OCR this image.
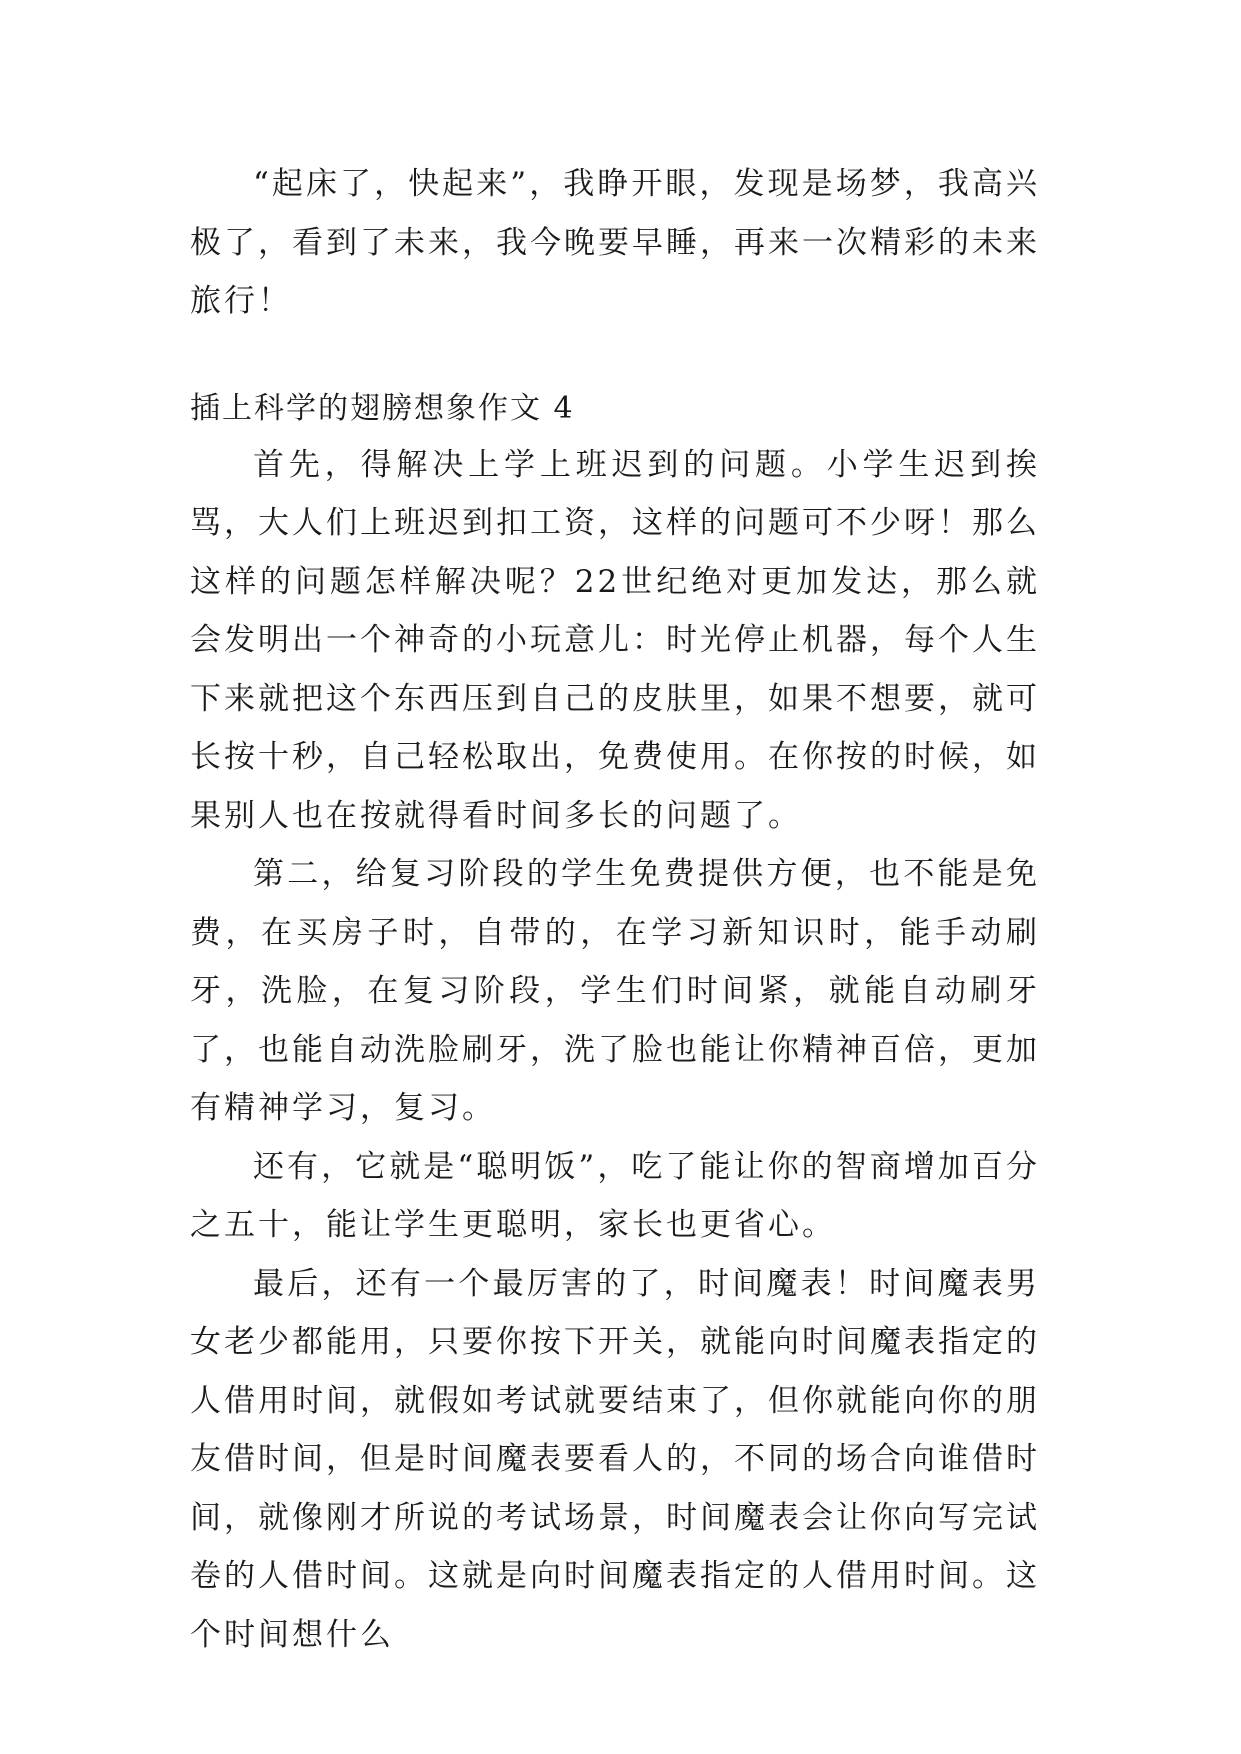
“起床了，快起来”，我睁开眼，发现是场梦，我高兴极了，看到了未来，我今晚要早睡，再来一次精彩的未来旅行！

插上科学的翅膀想象作文 4

首先，得解决上学上班迟到的问题。小学生迟到挨骂，大人们上班迟到扣工资，这样的问题可不少呀！那么这样的问题怎样解决呢？22世纪绝对更加发达，那么就会发明出一个神奇的小玩意儿：时光停止机器，每个人生下来就把这个东西压到自己的皮肤里，如果不想要，就可长按十秒，自己轻松取出，免费使用。在你按的时候，如果别人也在按就得看时间多长的问题了。

第二，给复习阶段的学生免费提供方便，也不能是免费，在买房子时，自带的，在学习新知识时，能手动刷牙，洗脸，在复习阶段，学生们时间紧，就能自动刷牙了，也能自动洗脸刷牙，洗了脸也能让你精神百倍，更加有精神学习，复习。

还有，它就是“聪明饭”，吃了能让你的智商增加百分之五十，能让学生更聪明，家长也更省心。

最后，还有一个最厉害的了，时间魔表！时间魔表男女老少都能用，只要你按下开关，就能向时间魔表指定的人借用时间，就假如考试就要结束了，但你就能向你的朋友借时间，但是时间魔表要看人的，不同的场合向谁借时间，就像刚才所说的考试场景，时间魔表会让你向写完试卷的人借时间。这就是向时间魔表指定的人借用时间。这个时间想什么
